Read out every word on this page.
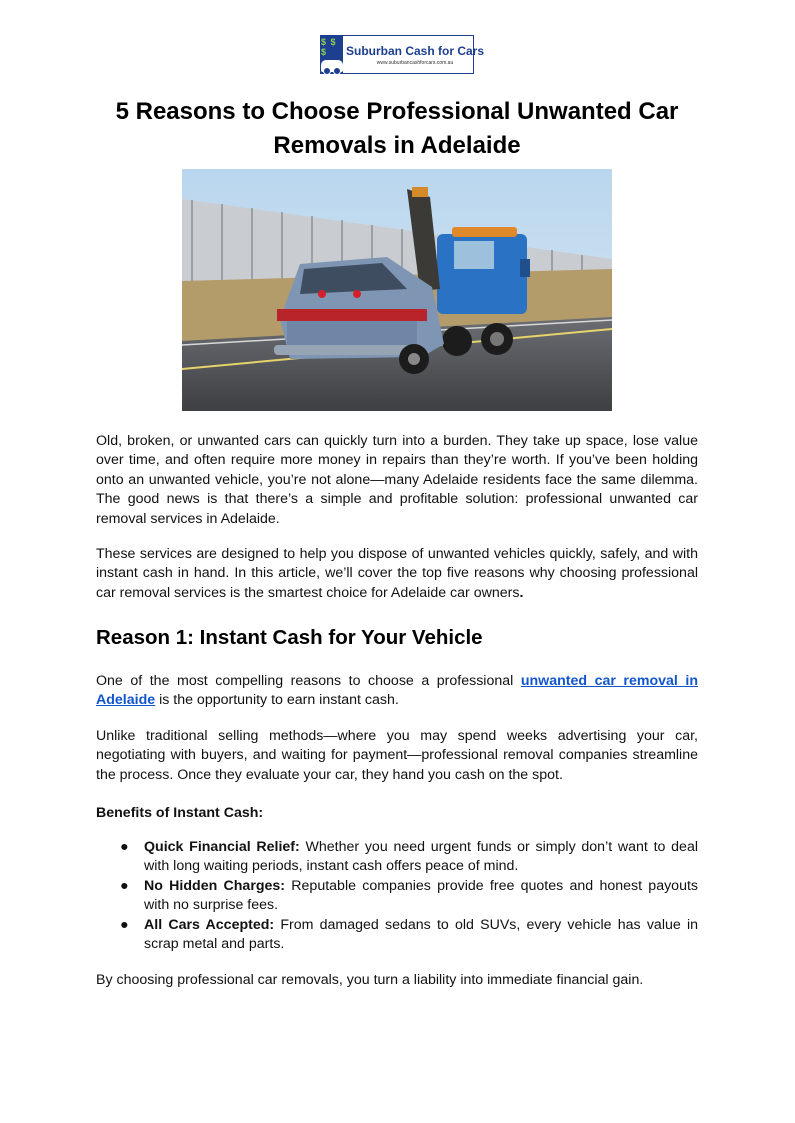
$ $ $	Suburban Cash for Cars
www.suburbancashforcars.com.au
5 Reasons to Choose Professional Unwanted Car Removals in Adelaide

Old, broken, or unwanted cars can quickly turn into a burden. They take up space, lose value over time, and often require more money in repairs than they’re worth. If you’ve been holding onto an unwanted vehicle, you’re not alone—many Adelaide residents face the same dilemma. The good news is that there’s a simple and profitable solution: professional unwanted car removal services in Adelaide.

These services are designed to help you dispose of unwanted vehicles quickly, safely, and with instant cash in hand. In this article, we’ll cover the top five reasons why choosing professional car removal services is the smartest choice for Adelaide car owners.

Reason 1: Instant Cash for Your Vehicle

One of the most compelling reasons to choose a professional unwanted car removal in Adelaide is the opportunity to earn instant cash.

Unlike traditional selling methods—where you may spend weeks advertising your car, negotiating with buyers, and waiting for payment—professional removal companies streamline the process. Once they evaluate your car, they hand you cash on the spot.

Benefits of Instant Cash:

● Quick Financial Relief: Whether you need urgent funds or simply don’t want to deal with long waiting periods, instant cash offers peace of mind.
● No Hidden Charges: Reputable companies provide free quotes and honest payouts with no surprise fees.
● All Cars Accepted: From damaged sedans to old SUVs, every vehicle has value in scrap metal and parts.

By choosing professional car removals, you turn a liability into immediate financial gain.
